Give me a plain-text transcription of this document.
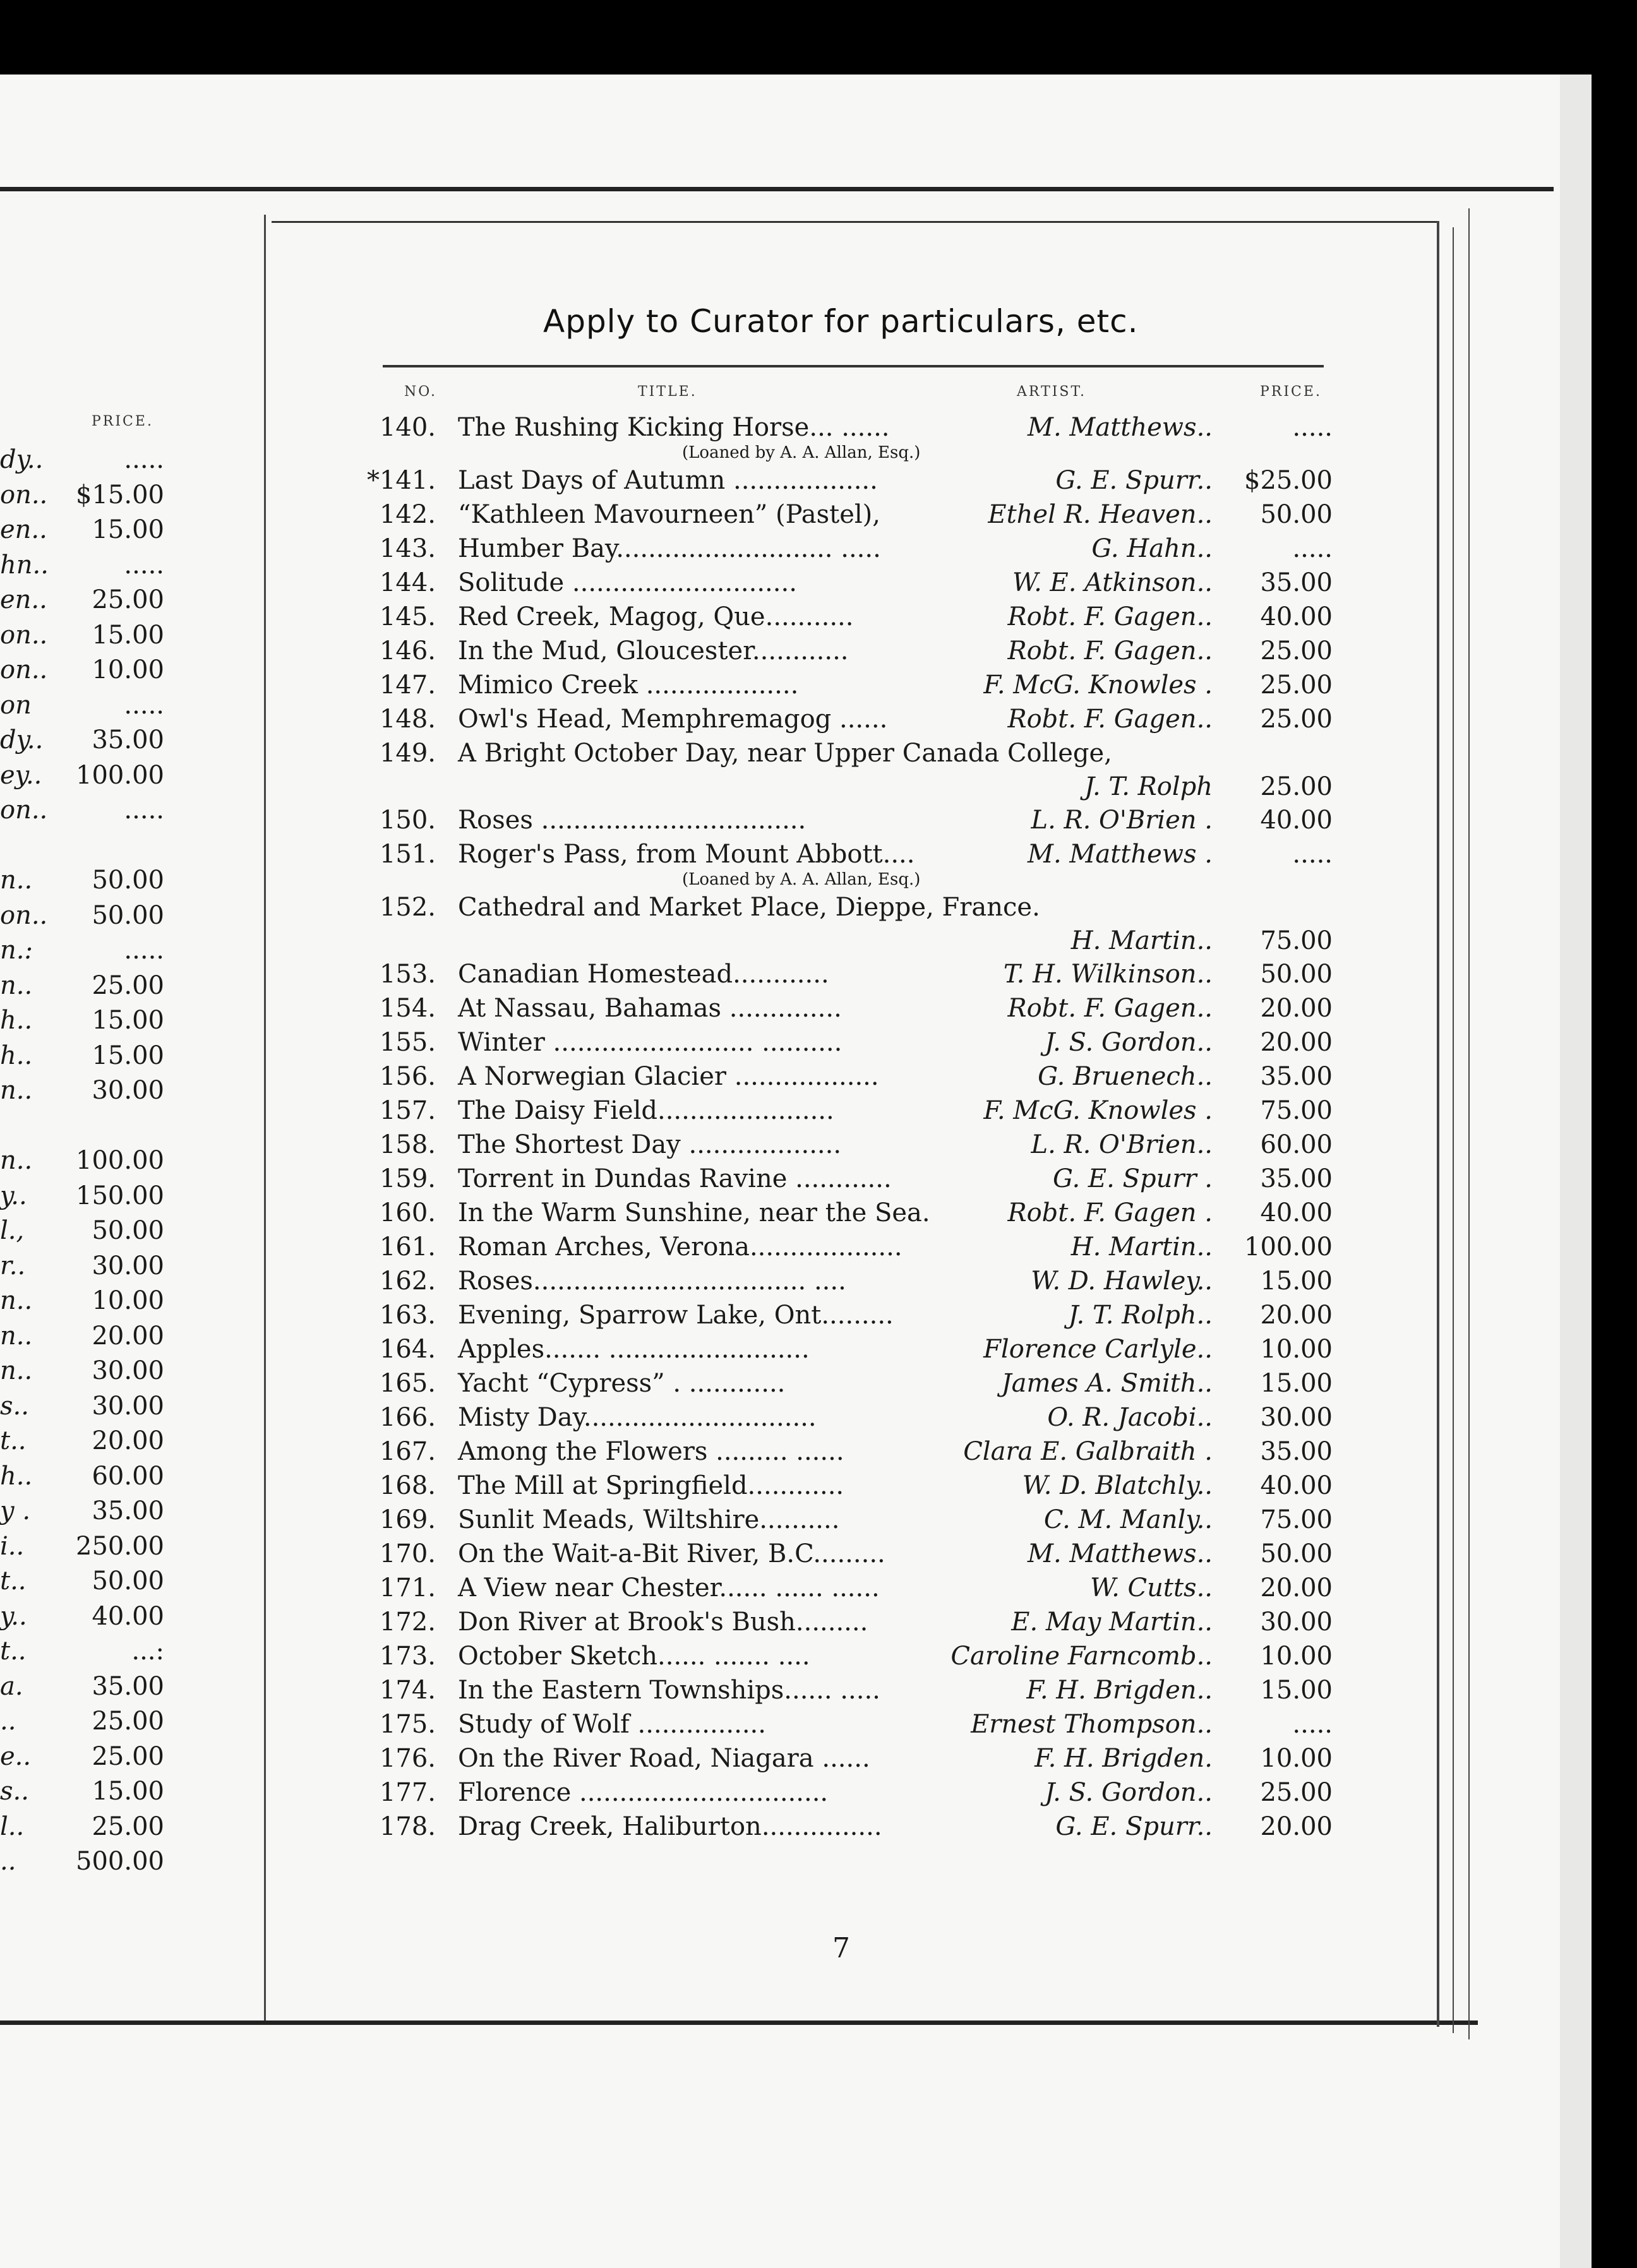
Apply to Curator for particulars, etc.
NO.	TITLE.	ARTIST.	PRICE.
PRICE.
dy..	.....
on.. $15.00
en.. 15.00
hn..	.....
en.. 25.00
on.. 15.00
on.. 10.00
on	.....
dy.. 35.00
ey.. 100.00
on..	.....
n.. 50.00
on.. 50.00
n.:	.....
n.. 25.00
h.. 15.00
h.. 15.00
n.. 30.00
n.. 100.00
y.. 150.00
l.,	50.00
r..	30.00
n.. 10.00
n.. 20.00
n.. 30.00
s.. 30.00
t..	20.00
h.. 60.00
y . 35.00
i.. 250.00
t..	50.00
y..	40.00
t..	...:
a.	35.00
..	25.00
e.. 25.00
s.. 15.00
l..	25.00
.. 500.00
140. The Rushing Kicking Horse... ......	M. Matthews..	.....
(Loaned by A. A. Allan, Esq.)
*141. Last Days of Autumn ..................	G. E. Spurr.. $25.00
142. “Kathleen Mavourneen” (Pastel),	Ethel R. Heaven..	50.00
143. Humber Bay........................... .....	G. Hahn..	.....
144. Solitude ............................	W. E. Atkinson..	35.00
145. Red Creek, Magog, Que...........	Robt. F. Gagen..	40.00
146. In the Mud, Gloucester............	Robt. F. Gagen..	25.00
147. Mimico Creek ...................	F. McG. Knowles .	25.00
148. Owl's Head, Memphremagog ......	Robt. F. Gagen..	25.00
149. A Bright October Day, near Upper Canada College,
J. T. Rolph	25.00
150. Roses .................................	L. R. O'Brien .	40.00
151. Roger's Pass, from Mount Abbott....	M. Matthews .	.....
(Loaned by A. A. Allan, Esq.)
152. Cathedral and Market Place, Dieppe, France.
H. Martin..	75.00
153. Canadian Homestead............	T. H. Wilkinson..	50.00
154. At Nassau, Bahamas ..............	Robt. F. Gagen..	20.00
155. Winter ......................... ..........	J. S. Gordon..	20.00
156. A Norwegian Glacier ..................	G. Bruenech..	35.00
157. The Daisy Field......................	F. McG. Knowles .	75.00
158. The Shortest Day ...................	L. R. O'Brien..	60.00
159. Torrent in Dundas Ravine ............	G. E. Spurr .	35.00
160. In the Warm Sunshine, near the Sea.	Robt. F. Gagen .	40.00
161. Roman Arches, Verona...................	H. Martin.. 100.00
162. Roses.................................. ....	W. D. Hawley..	15.00
163. Evening, Sparrow Lake, Ont.........	J. T. Rolph..	20.00
164. Apples....... .........................	Florence Carlyle..	10.00
165. Yacht “Cypress” . ............	James A. Smith..	15.00
166. Misty Day.............................	O. R. Jacobi..	30.00
167. Among the Flowers ......... ......	Clara E. Galbraith .	35.00
168. The Mill at Springfield............	W. D. Blatchly..	40.00
169. Sunlit Meads, Wiltshire..........	C. M. Manly..	75.00
170. On the Wait-a-Bit River, B.C.........	M. Matthews..	50.00
171. A View near Chester...... ...... ......	W. Cutts..	20.00
172. Don River at Brook's Bush.........	E. May Martin..	30.00
173. October Sketch...... ....... ....	Caroline Farncomb..	10.00
174. In the Eastern Townships...... .....	F. H. Brigden..	15.00
175. Study of Wolf ................	Ernest Thompson..	.....
176. On the River Road, Niagara ......	F. H. Brigden.	10.00
177. Florence ...............................	J. S. Gordon..	25.00
178. Drag Creek, Haliburton...............	G. E. Spurr..	20.00
7
